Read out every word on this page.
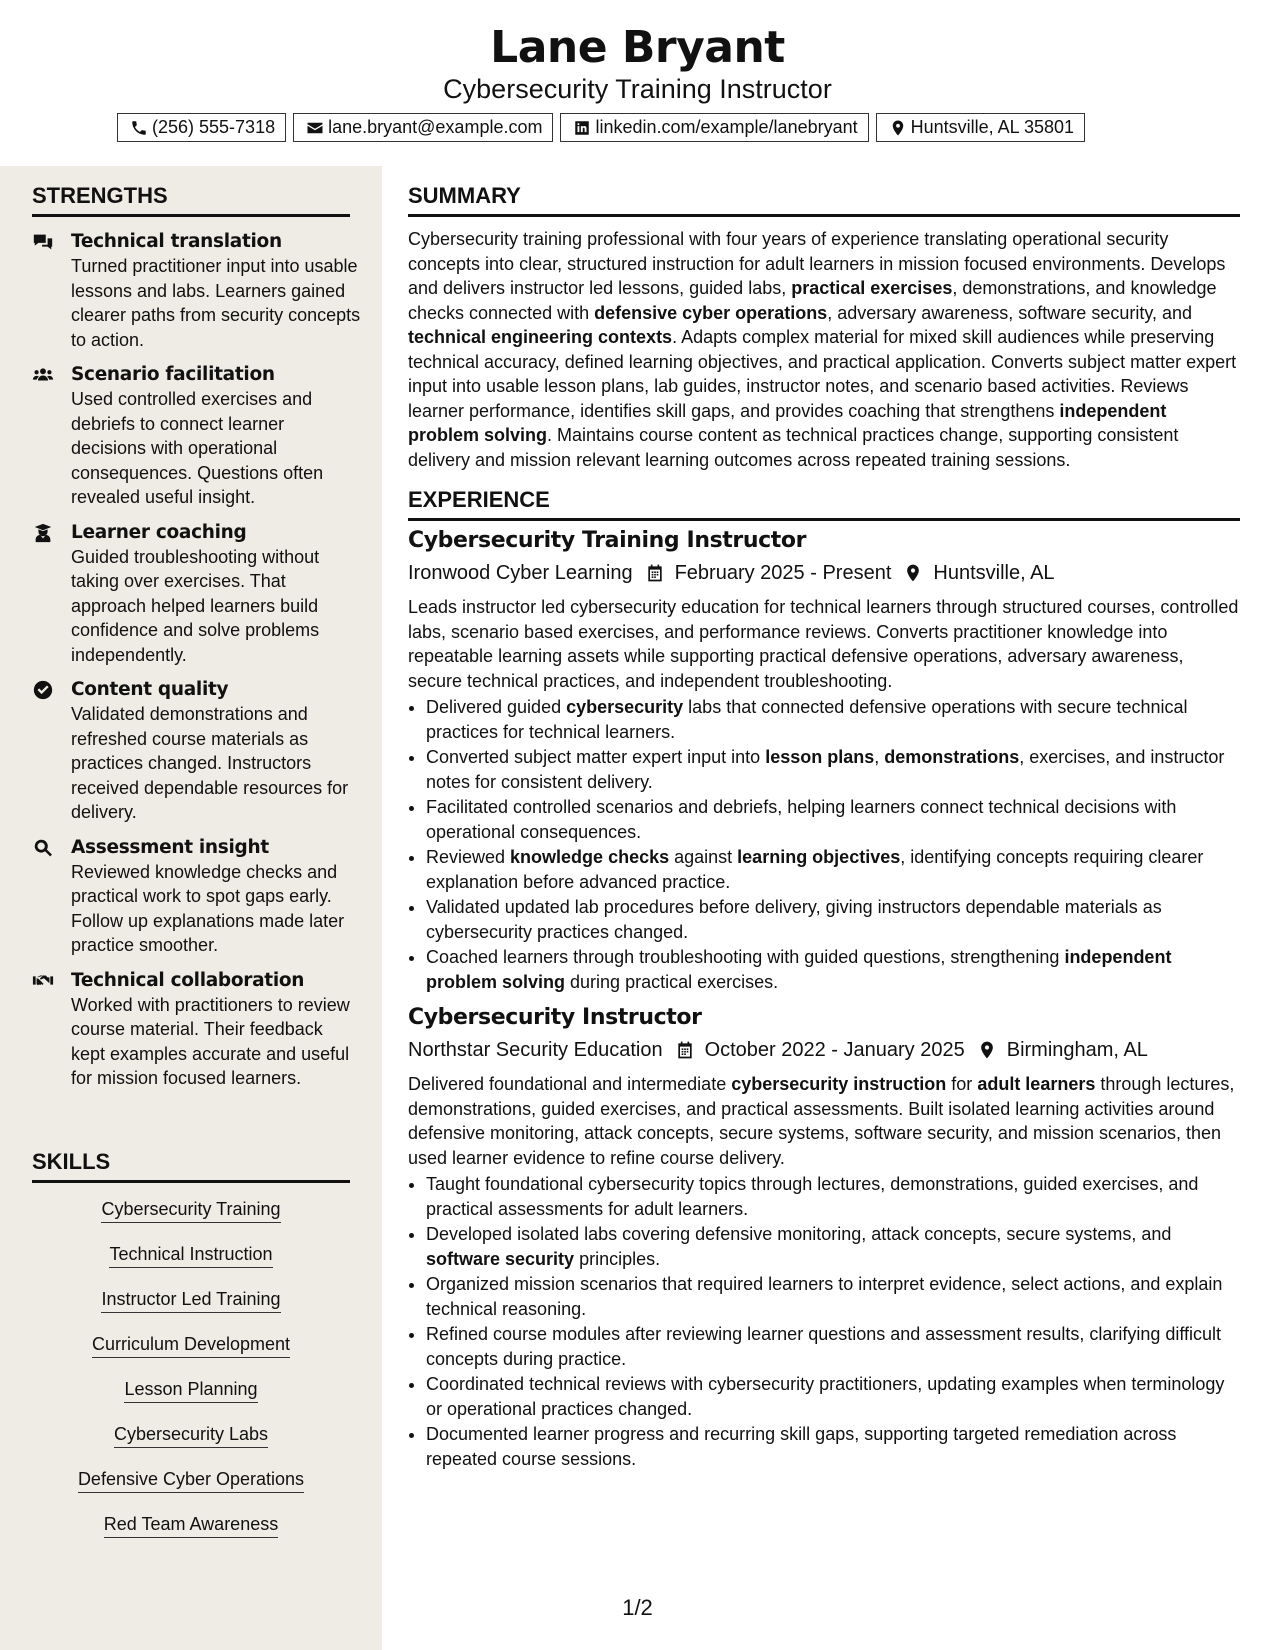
Lane Bryant
Cybersecurity Training Instructor
(256) 555-7318	lane.bryant@example.com	linkedin.com/example/lanebryant	Huntsville, AL 35801
STRENGTHS
Technical translation
Turned practitioner input into usable lessons and labs. Learners gained clearer paths from security concepts to action.
Scenario facilitation
Used controlled exercises and debriefs to connect learner decisions with operational consequences. Questions often revealed useful insight.
Learner coaching
Guided troubleshooting without taking over exercises. That approach helped learners build confidence and solve problems independently.
Content quality
Validated demonstrations and refreshed course materials as practices changed. Instructors received dependable resources for delivery.
Assessment insight
Reviewed knowledge checks and practical work to spot gaps early. Follow up explanations made later practice smoother.
Technical collaboration
Worked with practitioners to review course material. Their feedback kept examples accurate and useful for mission focused learners.
SKILLS
Cybersecurity Training
Technical Instruction
Instructor Led Training
Curriculum Development
Lesson Planning
Cybersecurity Labs
Defensive Cyber Operations
Red Team Awareness
SUMMARY

Cybersecurity training professional with four years of experience translating operational security concepts into clear, structured instruction for adult learners in mission focused environments. Develops and delivers instructor led lessons, guided labs, practical exercises, demonstrations, and knowledge checks connected with defensive cyber operations, adversary awareness, software security, and technical engineering contexts. Adapts complex material for mixed skill audiences while preserving technical accuracy, defined learning objectives, and practical application. Converts subject matter expert input into usable lesson plans, lab guides, instructor notes, and scenario based activities. Reviews learner performance, identifies skill gaps, and provides coaching that strengthens independent problem solving. Maintains course content as technical practices change, supporting consistent delivery and mission relevant learning outcomes across repeated training sessions.

EXPERIENCE
Cybersecurity Training Instructor
Ironwood Cyber Learning February 2025 - Present Huntsville, AL
Leads instructor led cybersecurity education for technical learners through structured courses, controlled labs, scenario based exercises, and performance reviews. Converts practitioner knowledge into repeatable learning assets while supporting practical defensive operations, adversary awareness, secure technical practices, and independent troubleshooting.
• Delivered guided cybersecurity labs that connected defensive operations with secure technical practices for technical learners.
• Converted subject matter expert input into lesson plans, demonstrations, exercises, and instructor notes for consistent delivery.
• Facilitated controlled scenarios and debriefs, helping learners connect technical decisions with operational consequences.
• Reviewed knowledge checks against learning objectives, identifying concepts requiring clearer explanation before advanced practice.
• Validated updated lab procedures before delivery, giving instructors dependable materials as cybersecurity practices changed.
• Coached learners through troubleshooting with guided questions, strengthening independent problem solving during practical exercises.
Cybersecurity Instructor
Northstar Security Education October 2022 - January 2025 Birmingham, AL
Delivered foundational and intermediate cybersecurity instruction for adult learners through lectures, demonstrations, guided exercises, and practical assessments. Built isolated learning activities around defensive monitoring, attack concepts, secure systems, software security, and mission scenarios, then used learner evidence to refine course delivery.
• Taught foundational cybersecurity topics through lectures, demonstrations, guided exercises, and practical assessments for adult learners.
• Developed isolated labs covering defensive monitoring, attack concepts, secure systems, and software security principles.
• Organized mission scenarios that required learners to interpret evidence, select actions, and explain technical reasoning.
• Refined course modules after reviewing learner questions and assessment results, clarifying difficult concepts during practice.
• Coordinated technical reviews with cybersecurity practitioners, updating examples when terminology or operational practices changed.
• Documented learner progress and recurring skill gaps, supporting targeted remediation across repeated course sessions.
1/2
